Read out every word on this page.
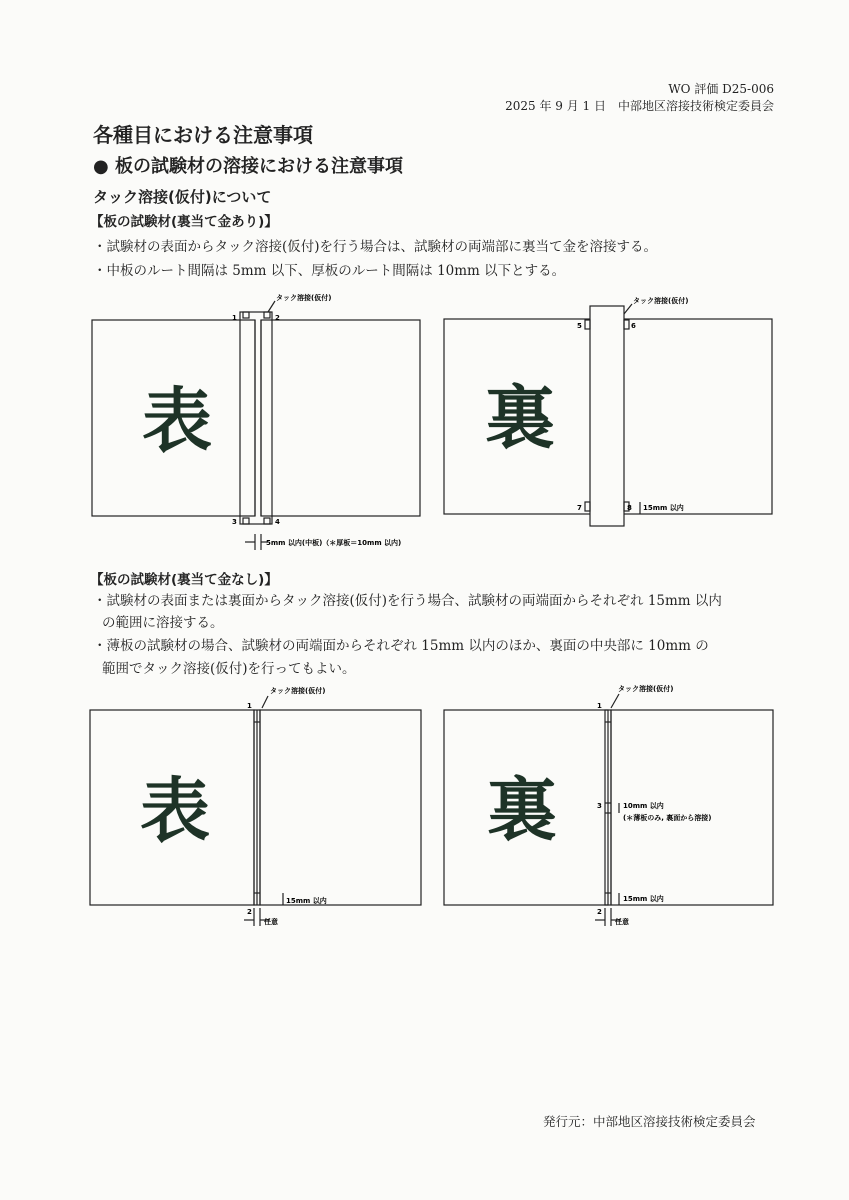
WO 評価 D25-006
2025 年 9 月 1 日　中部地区溶接技術検定委員会
各種目における注意事項
● 板の試験材の溶接における注意事項
タック溶接(仮付)について
【板の試験材(裏当て金あり)】
・試験材の表面からタック溶接(仮付)を行う場合は、試験材の両端部に裏当て金を溶接する。
・中板のルート間隔は 5mm 以下、厚板のルート間隔は 10mm 以下とする。
表
タック溶接(仮付)
1	2
3	4
5mm 以内(中板)（＊厚板＝10mm 以内)
タック溶接(仮付)
5	6
7	8 15mm 以内
裏
【板の試験材(裏当て金なし)】
・試験材の表面または裏面からタック溶接(仮付)を行う場合、試験材の両端面からそれぞれ 15mm 以内
の範囲に溶接する。
・薄板の試験材の場合、試験材の両端面からそれぞれ 15mm 以内のほか、裏面の中央部に 10mm の
範囲でタック溶接(仮付)を行ってもよい。
表
タック溶接(仮付)
1
2
15mm 以内
任意
タック溶接(仮付)
1
3	10mm 以内
(＊薄板のみ, 裏面から溶接)
2
15mm 以内
任意
裏
発行元：中部地区溶接技術検定委員会
